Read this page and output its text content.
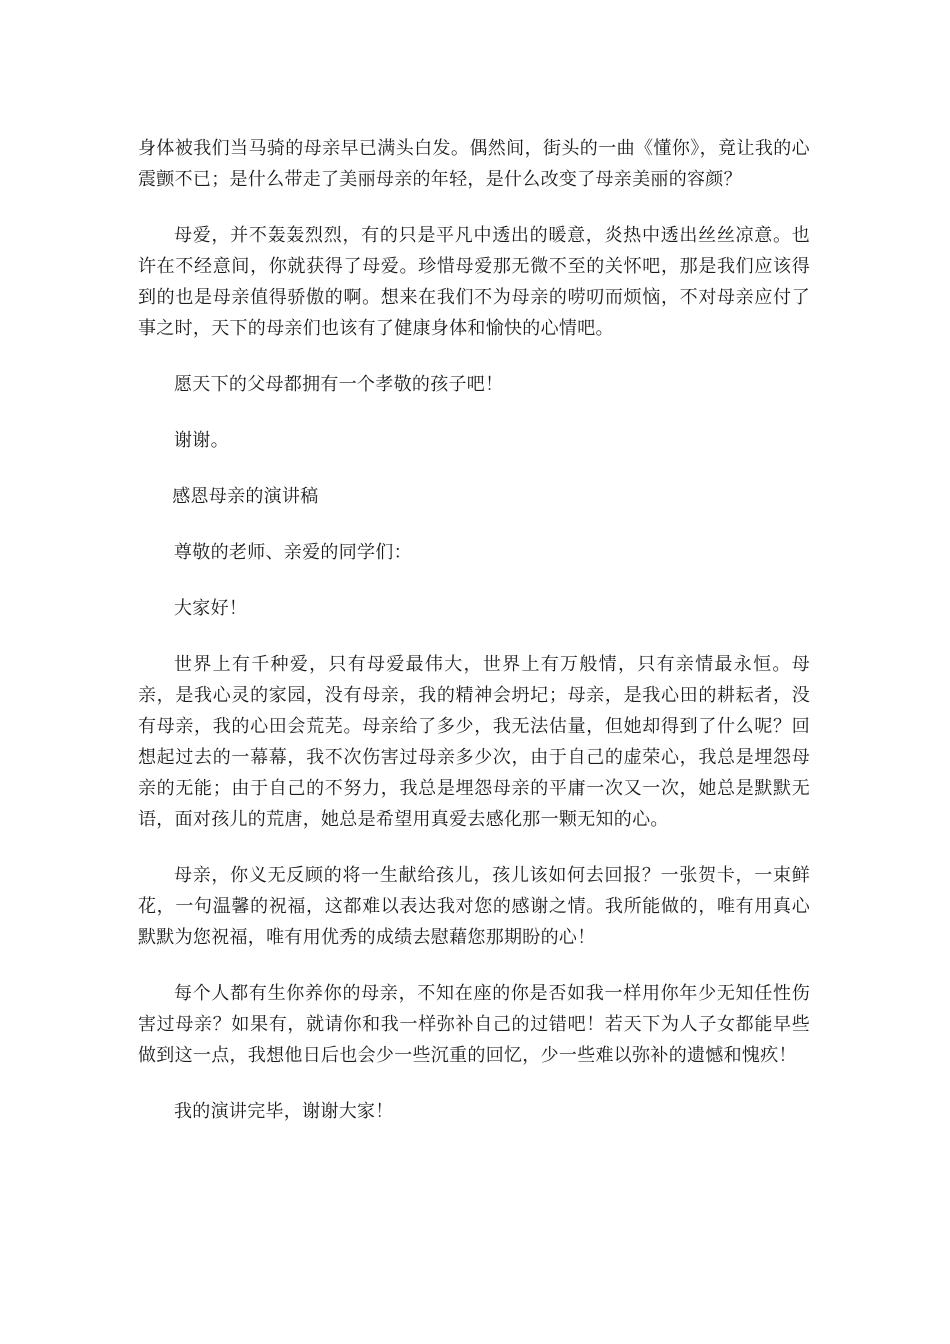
身体被我们当马骑的母亲早已满头白发。偶然间，街头的一曲《懂你》，竟让我的心震颤不已；是什么带走了美丽母亲的年轻，是什么改变了母亲美丽的容颜？

母爱，并不轰轰烈烈，有的只是平凡中透出的暖意，炎热中透出丝丝凉意。也许在不经意间，你就获得了母爱。珍惜母爱那无微不至的关怀吧，那是我们应该得到的也是母亲值得骄傲的啊。想来在我们不为母亲的唠叨而烦恼，不对母亲应付了事之时，天下的母亲们也该有了健康身体和愉快的心情吧。

愿天下的父母都拥有一个孝敬的孩子吧！

谢谢。

感恩母亲的演讲稿

尊敬的老师、亲爱的同学们：

大家好！

世界上有千种爱，只有母爱最伟大，世界上有万般情，只有亲情最永恒。母亲，是我心灵的家园，没有母亲，我的精神会坍圮；母亲，是我心田的耕耘者，没有母亲，我的心田会荒芜。母亲给了多少，我无法估量，但她却得到了什么呢？回想起过去的一幕幕，我不次伤害过母亲多少次，由于自己的虚荣心，我总是埋怨母亲的无能；由于自己的不努力，我总是埋怨母亲的平庸一次又一次，她总是默默无语，面对孩儿的荒唐，她总是希望用真爱去感化那一颗无知的心。

母亲，你义无反顾的将一生献给孩儿，孩儿该如何去回报？一张贺卡，一束鲜花，一句温馨的祝福，这都难以表达我对您的感谢之情。我所能做的，唯有用真心默默为您祝福，唯有用优秀的成绩去慰藉您那期盼的心！

每个人都有生你养你的母亲，不知在座的你是否如我一样用你年少无知任性伤害过母亲？如果有，就请你和我一样弥补自己的过错吧！若天下为人子女都能早些做到这一点，我想他日后也会少一些沉重的回忆，少一些难以弥补的遗憾和愧疚！

我的演讲完毕，谢谢大家！
